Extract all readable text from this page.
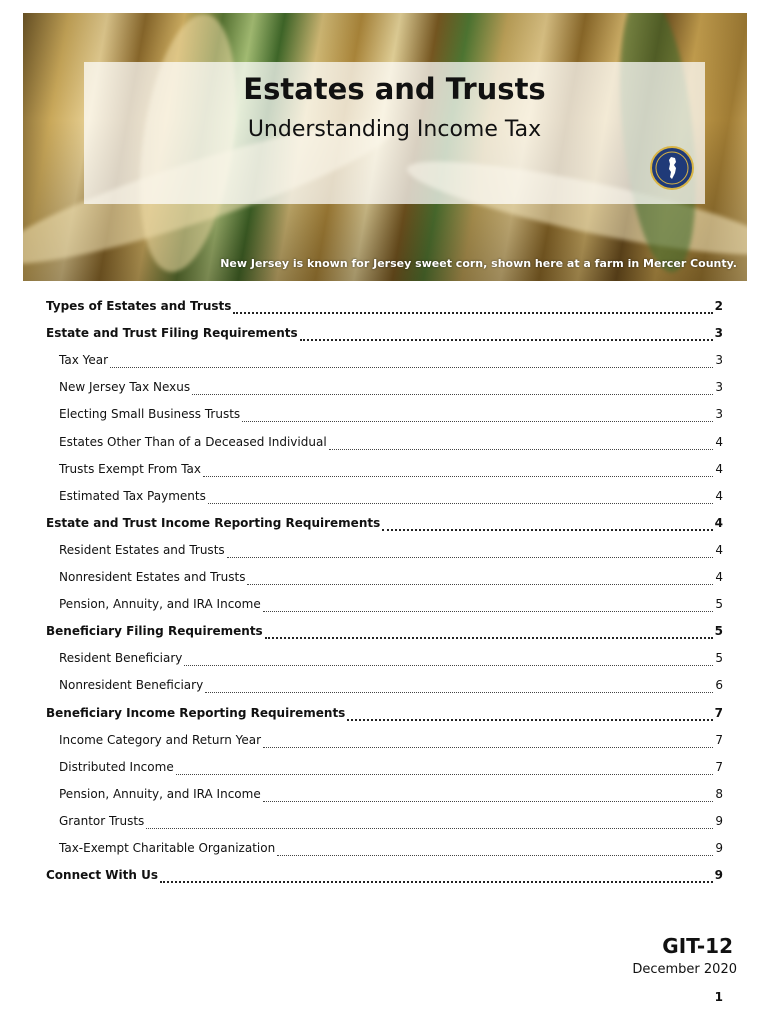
Estates and Trusts
Understanding Income Tax
New Jersey is known for Jersey sweet corn, shown here at a farm in Mercer County.
Types of Estates and Trusts	2
Estate and Trust Filing Requirements	3
Tax Year	3
New Jersey Tax Nexus	3
Electing Small Business Trusts	3
Estates Other Than of a Deceased Individual	4
Trusts Exempt From Tax	4
Estimated Tax Payments	4
Estate and Trust Income Reporting Requirements	4
Resident Estates and Trusts	4
Nonresident Estates and Trusts	4
Pension, Annuity, and IRA Income	5
Beneficiary Filing Requirements	5
Resident Beneficiary	5
Nonresident Beneficiary	6
Beneficiary Income Reporting Requirements	7
Income Category and Return Year	7
Distributed Income	7
Pension, Annuity, and IRA Income	8
Grantor Trusts	9
Tax-Exempt Charitable Organization	9
Connect With Us	9
GIT-12
December 2020
1
